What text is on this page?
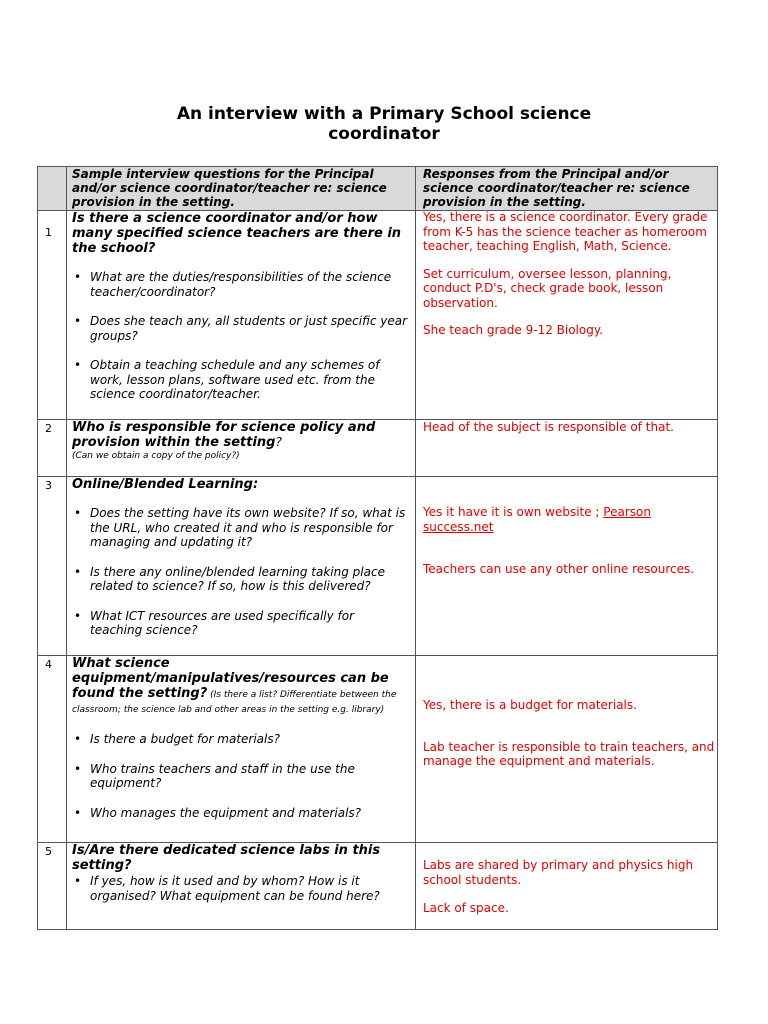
An interview with a Primary School science
coordinator
Sample interview questions for the Principal and/or science coordinator/teacher re: science provision in the setting.
Responses from the Principal and/or science coordinator/teacher re: science provision in the setting.
1
Is there a science coordinator and/or how many specified science teachers are there in the school?
• What are the duties/responsibilities of the science teacher/coordinator?
• Does she teach any, all students or just specific year groups?
• Obtain a teaching schedule and any schemes of work, lesson plans, software used etc. from the science coordinator/teacher.

Yes, there is a science coordinator. Every grade from K-5 has the science teacher as homeroom teacher, teaching English, Math, Science.

Set curriculum, oversee lesson, planning, conduct P.D's, check grade book, lesson observation.

She teach grade 9-12 Biology.

2 Who is responsible for science policy and provision within the setting?
(Can we obtain a copy of the policy?)

Head of the subject is responsible of that.

3 Online/Blended Learning:
• Does the setting have its own website? If so, what is the URL, who created it and who is responsible for managing and updating it?
• Is there any online/blended learning taking place related to science? If so, how is this delivered?
• What ICT resources are used specifically for teaching science?

Yes it have it is own website ; Pearson
success.net

Teachers can use any other online resources.

4 What science equipment/manipulatives/resources can be found the setting? (Is there a list? Differentiate between the classroom; the science lab and other areas in the setting e.g. library)
• Is there a budget for materials?
• Who trains teachers and staff in the use the equipment?
• Who manages the equipment and materials?

Yes, there is a budget for materials.

Lab teacher is responsible to train teachers, and manage the equipment and materials.

5 Is/Are there dedicated science labs in this setting?
• If yes, how is it used and by whom? How is it organised? What equipment can be found here?

Labs are shared by primary and physics high school students.

Lack of space.
